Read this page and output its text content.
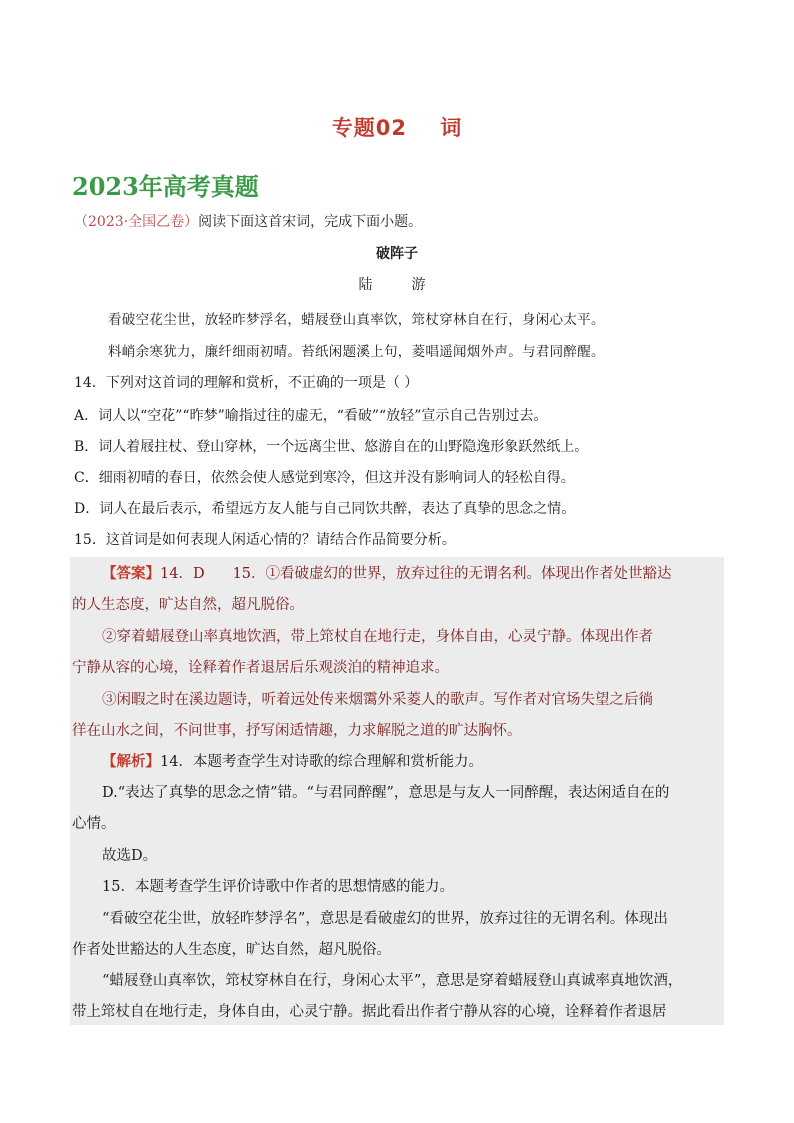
专题02    词
2023年高考真题
（2023·全国乙卷）阅读下面这首宋词，完成下面小题。
破阵子
陆  游
看破空花尘世，放轻昨梦浮名，蜡屐登山真率饮，筇杖穿林自在行，身闲心太平。
料峭余寒犹力，廉纤细雨初晴。苔纸闲题溪上句，菱唱遥闻烟外声。与君同醉醒。
14．下列对这首词的理解和赏析，不正确的一项是（ ）
A．词人以“空花”“昨梦”喻指过往的虚无，“看破”“放轻”宣示自己告别过去。
B．词人着屐拄杖、登山穿林，一个远离尘世、悠游自在的山野隐逸形象跃然纸上。
C．细雨初晴的春日，依然会使人感觉到寒冷，但这并没有影响词人的轻松自得。
D．词人在最后表示，希望远方友人能与自己同饮共醉，表达了真挚的思念之情。
15．这首词是如何表现人闲适心情的？请结合作品简要分析。
【答案】14．D 15．①看破虚幻的世界，放弃过往的无谓名利。体现出作者处世豁达
的人生态度，旷达自然，超凡脱俗。
②穿着蜡屐登山率真地饮酒，带上筇杖自在地行走，身体自由，心灵宁静。体现出作者
宁静从容的心境，诠释着作者退居后乐观淡泊的精神追求。
③闲暇之时在溪边题诗，听着远处传来烟霭外采菱人的歌声。写作者对官场失望之后徜
徉在山水之间，不问世事，抒写闲适情趣，力求解脱之道的旷达胸怀。
【解析】14．本题考查学生对诗歌的综合理解和赏析能力。
D.“表达了真挚的思念之情”错。“与君同醉醒”，意思是与友人一同醉醒，表达闲适自在的
心情。
故选D。
15．本题考查学生评价诗歌中作者的思想情感的能力。
“看破空花尘世，放轻昨梦浮名”，意思是看破虚幻的世界，放弃过往的无谓名利。体现出
作者处世豁达的人生态度，旷达自然，超凡脱俗。
“蜡屐登山真率饮，筇杖穿林自在行，身闲心太平”，意思是穿着蜡屐登山真诚率真地饮酒，
带上筇杖自在地行走，身体自由，心灵宁静。据此看出作者宁静从容的心境，诠释着作者退居
